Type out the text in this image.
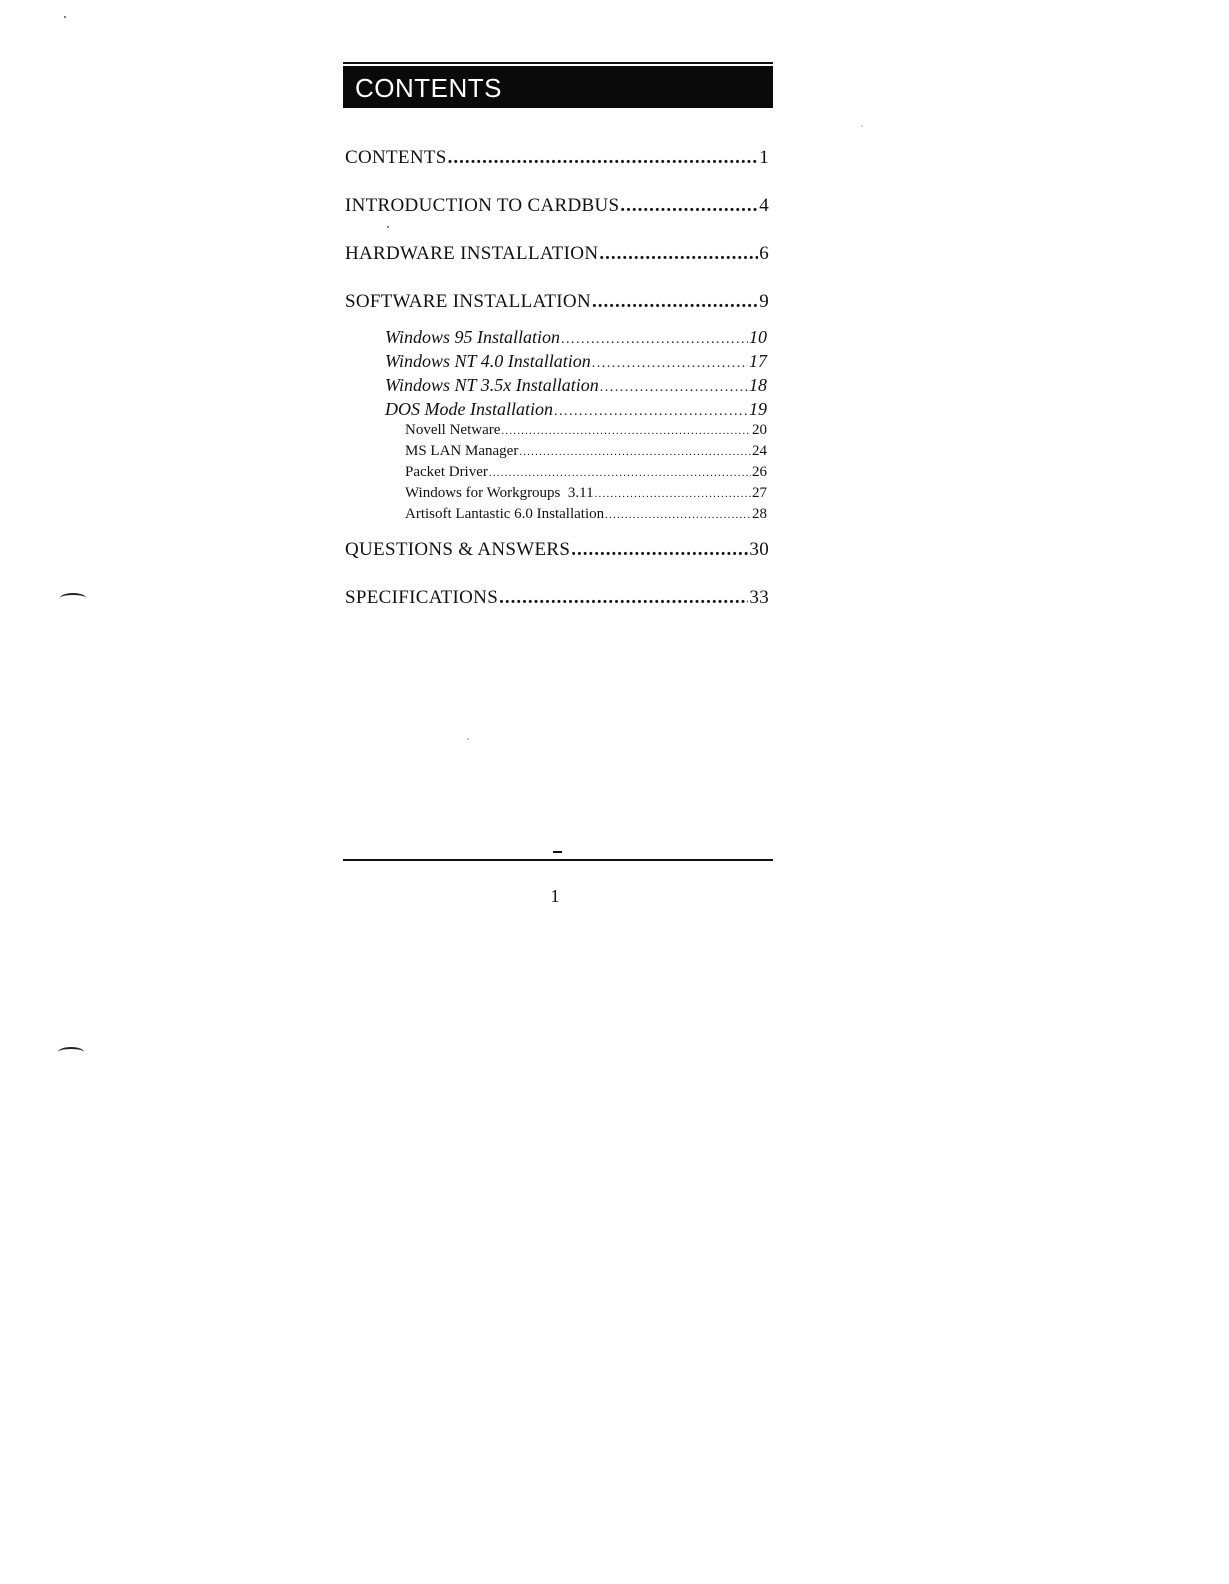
CONTENTS
CONTENTS .....	1
INTRODUCTION TO CARDBUS .....	4
HARDWARE INSTALLATION .....	6
SOFTWARE INSTALLATION .....	9
Windows 95 Installation .....	10
Windows NT 4.0 Installation .....	17
Windows NT 3.5x Installation .....	18
DOS Mode Installation .....	19
Novell Netware .....	20
MS LAN Manager .....	24
Packet Driver .....	26
Windows for Workgroups  3.11 .....	27
Artisoft Lantastic 6.0 Installation .....	28
QUESTIONS & ANSWERS .....	30
SPECIFICATIONS .....	33
1
